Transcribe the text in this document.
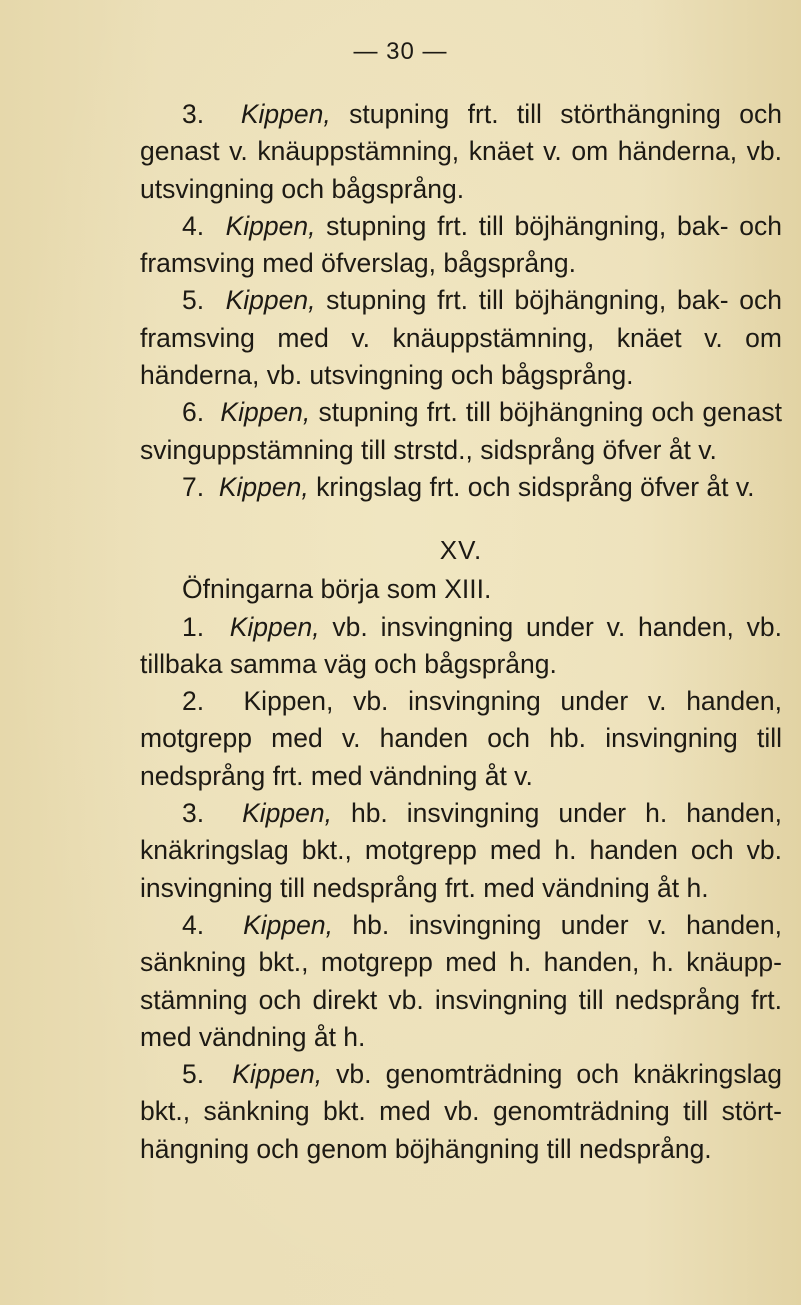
— 30 —

3. Kippen, stupning frt. till störthängning och genast v. knäuppstämning, knäet v. om händerna, vb. utsvingning och bågsprång.

4. Kippen, stupning frt. till böjhängning, bak- och framsving med öfverslag, bågsprång.

5. Kippen, stupning frt. till böjhängning, bak- och framsving med v. knäuppstämning, knäet v. om händerna, vb. utsvingning och bågsprång.

6. Kippen, stupning frt. till böjhängning och genast svinguppstämning till strstd., sidsprång öfver åt v.

7. Kippen, kringslag frt. och sidsprång öfver åt v.

XV.

Öfningarna börja som XIII.

1. Kippen, vb. insvingning under v. handen, vb. tillbaka samma väg och bågsprång.

2. Kippen, vb. insvingning under v. handen, motgrepp med v. handen och hb. insvingning till nedsprång frt. med vändning åt v.

3. Kippen, hb. insvingning under h. handen, knäkringslag bkt., motgrepp med h. handen och vb. insvingning till nedsprång frt. med vändning åt h.

4. Kippen, hb. insvingning under v. handen, sänkning bkt., motgrepp med h. handen, h. knäupp-stämning och direkt vb. insvingning till nedsprång frt. med vändning åt h.

5. Kippen, vb. genomträdning och knäkringslag bkt., sänkning bkt. med vb. genomträdning till stört-hängning och genom böjhängning till nedsprång.
